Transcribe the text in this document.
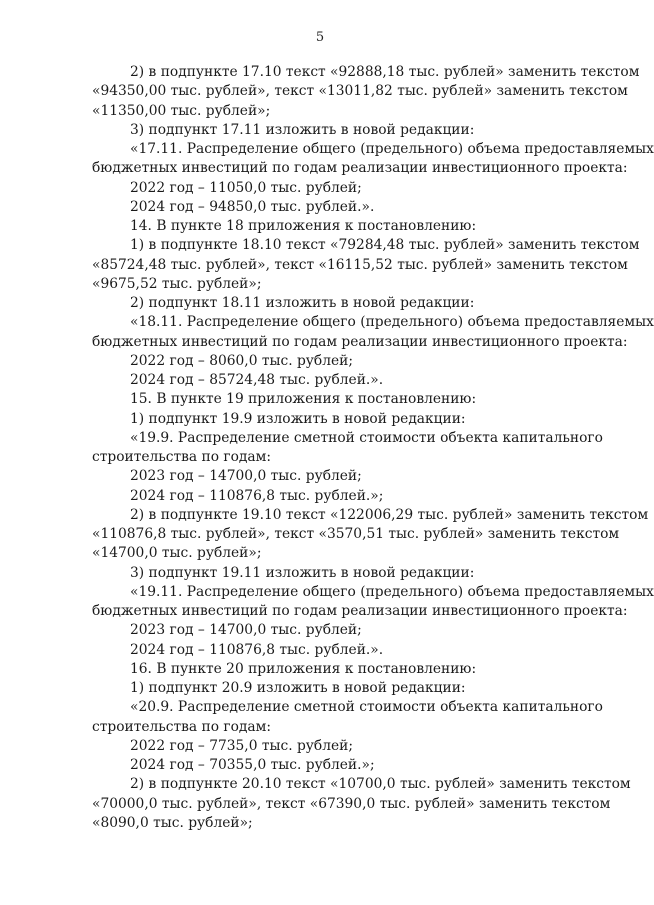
5
2) в подпункте 17.10 текст «92888,18 тыс. рублей» заменить текстом
«94350,00 тыс. рублей», текст «13011,82 тыс. рублей» заменить текстом
«11350,00 тыс. рублей»;
3) подпункт 17.11 изложить в новой редакции:
«17.11. Распределение общего (предельного) объема предоставляемых
бюджетных инвестиций по годам реализации инвестиционного проекта:
2022 год – 11050,0 тыс. рублей;
2024 год – 94850,0 тыс. рублей.».
14. В пункте 18 приложения к постановлению:
1) в подпункте 18.10 текст «79284,48 тыс. рублей» заменить текстом
«85724,48 тыс. рублей», текст «16115,52 тыс. рублей» заменить текстом
«9675,52 тыс. рублей»;
2) подпункт 18.11 изложить в новой редакции:
«18.11. Распределение общего (предельного) объема предоставляемых
бюджетных инвестиций по годам реализации инвестиционного проекта:
2022 год – 8060,0 тыс. рублей;
2024 год – 85724,48 тыс. рублей.».
15. В пункте 19 приложения к постановлению:
1) подпункт 19.9 изложить в новой редакции:
«19.9. Распределение сметной стоимости объекта капитального
строительства по годам:
2023 год – 14700,0 тыс. рублей;
2024 год – 110876,8 тыс. рублей.»;
2) в подпункте 19.10 текст «122006,29 тыс. рублей» заменить текстом
«110876,8 тыс. рублей», текст «3570,51 тыс. рублей» заменить текстом
«14700,0 тыс. рублей»;
3) подпункт 19.11 изложить в новой редакции:
«19.11. Распределение общего (предельного) объема предоставляемых
бюджетных инвестиций по годам реализации инвестиционного проекта:
2023 год – 14700,0 тыс. рублей;
2024 год – 110876,8 тыс. рублей.».
16. В пункте 20 приложения к постановлению:
1) подпункт 20.9 изложить в новой редакции:
«20.9. Распределение сметной стоимости объекта капитального
строительства по годам:
2022 год – 7735,0 тыс. рублей;
2024 год – 70355,0 тыс. рублей.»;
2) в подпункте 20.10 текст «10700,0 тыс. рублей» заменить текстом
«70000,0 тыс. рублей», текст «67390,0 тыс. рублей» заменить текстом
«8090,0 тыс. рублей»;
